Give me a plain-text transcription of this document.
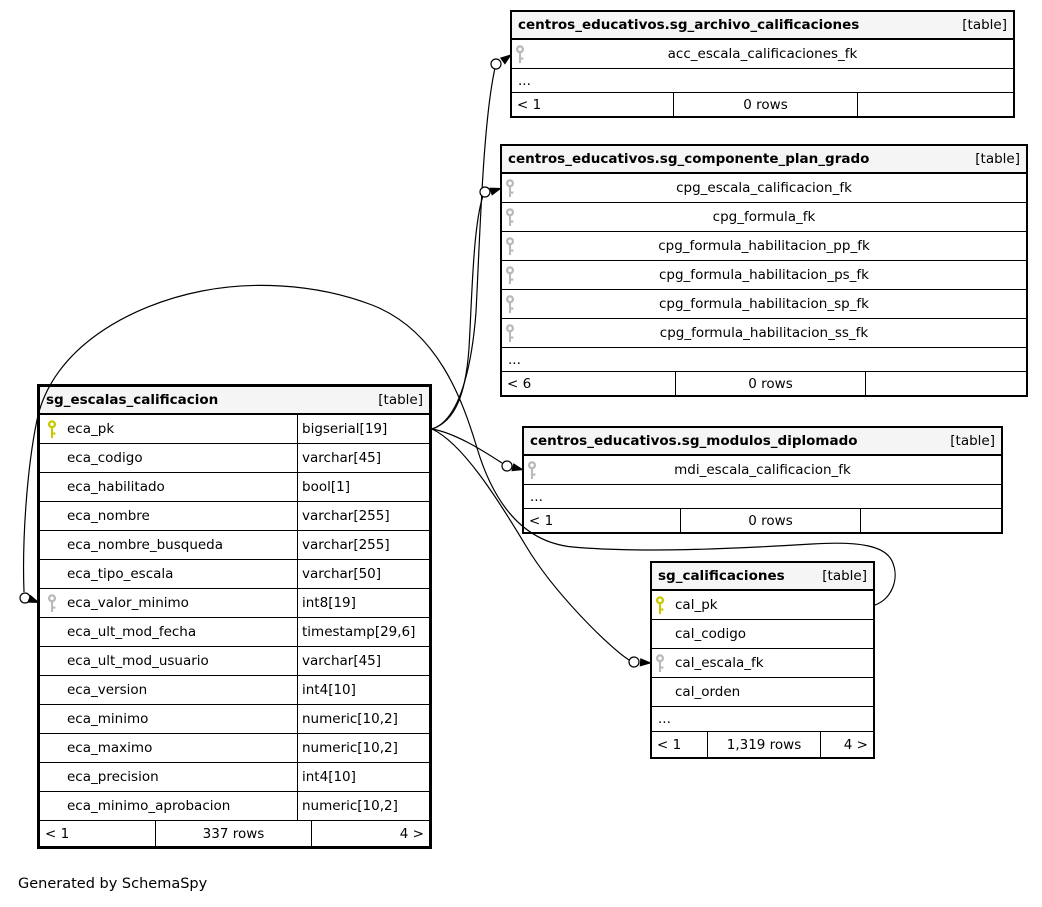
centros_educativos.sg_archivo_calificaciones	[table]
acc_escala_calificaciones_fk
...
< 1	0 rows
centros_educativos.sg_componente_plan_grado	[table]
cpg_escala_calificacion_fk
cpg_formula_fk
cpg_formula_habilitacion_pp_fk
cpg_formula_habilitacion_ps_fk
cpg_formula_habilitacion_sp_fk
cpg_formula_habilitacion_ss_fk
...
< 6	0 rows
centros_educativos.sg_modulos_diplomado	[table]
mdi_escala_calificacion_fk
...
< 1	0 rows
sg_calificaciones	[table]
cal_pk
cal_codigo
cal_escala_fk
cal_orden
...
< 1	1,319 rows	4 >
sg_escalas_calificacion	[table]
eca_pk	bigserial[19]
eca_codigo	varchar[45]
eca_habilitado	bool[1]
eca_nombre	varchar[255]
eca_nombre_busqueda	varchar[255]
eca_tipo_escala	varchar[50]
eca_valor_minimo	int8[19]
eca_ult_mod_fecha	timestamp[29,6]
eca_ult_mod_usuario	varchar[45]
eca_version	int4[10]
eca_minimo	numeric[10,2]
eca_maximo	numeric[10,2]
eca_precision	int4[10]
eca_minimo_aprobacion	numeric[10,2]
< 1	337 rows	4 >
Generated by SchemaSpy
